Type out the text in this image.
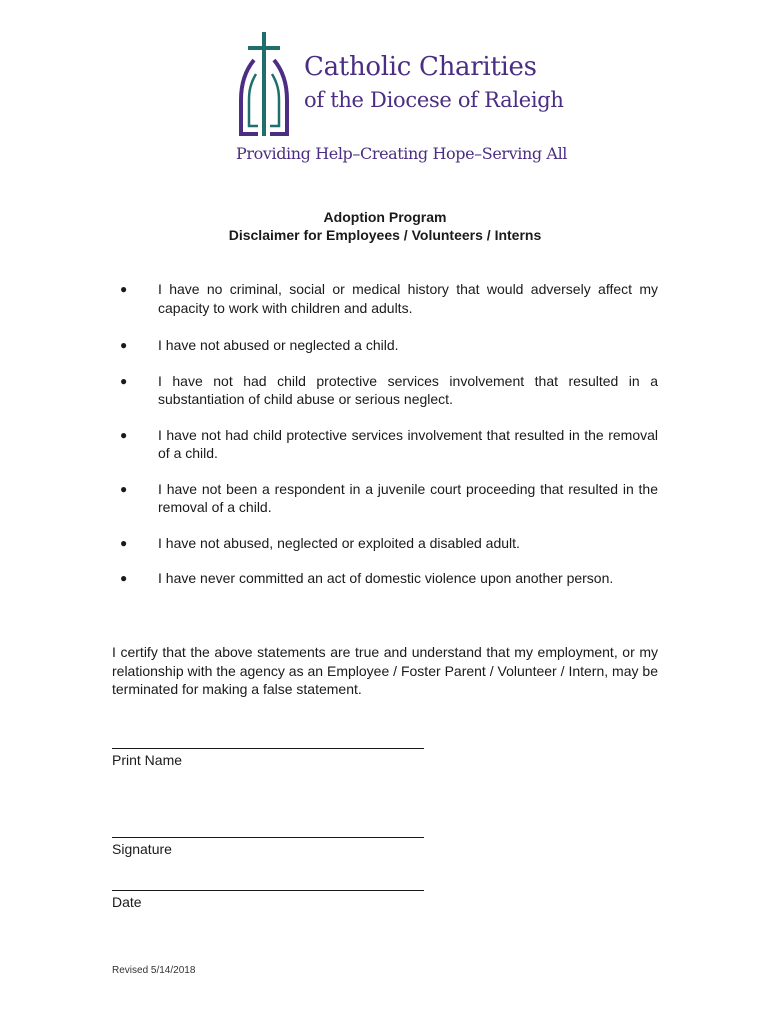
Catholic Charities
of the Diocese of Raleigh
Providing Help–Creating Hope–Serving All
Adoption Program
Disclaimer for Employees / Volunteers / Interns
● I have no criminal, social or medical history that would adversely affect my capacity to work with children and adults.
● I have not abused or neglected a child.
● I have not had child protective services involvement that resulted in a substantiation of child abuse or serious neglect.
● I have not had child protective services involvement that resulted in the removal of a child.
● I have not been a respondent in a juvenile court proceeding that resulted in the removal of a child.
● I have not abused, neglected or exploited a disabled adult.
● I have never committed an act of domestic violence upon another person.
I certify that the above statements are true and understand that my employment, or my relationship with the agency as an Employee / Foster Parent / Volunteer / Intern, may be terminated for making a false statement.
Print Name
Signature
Date
Revised 5/14/2018
